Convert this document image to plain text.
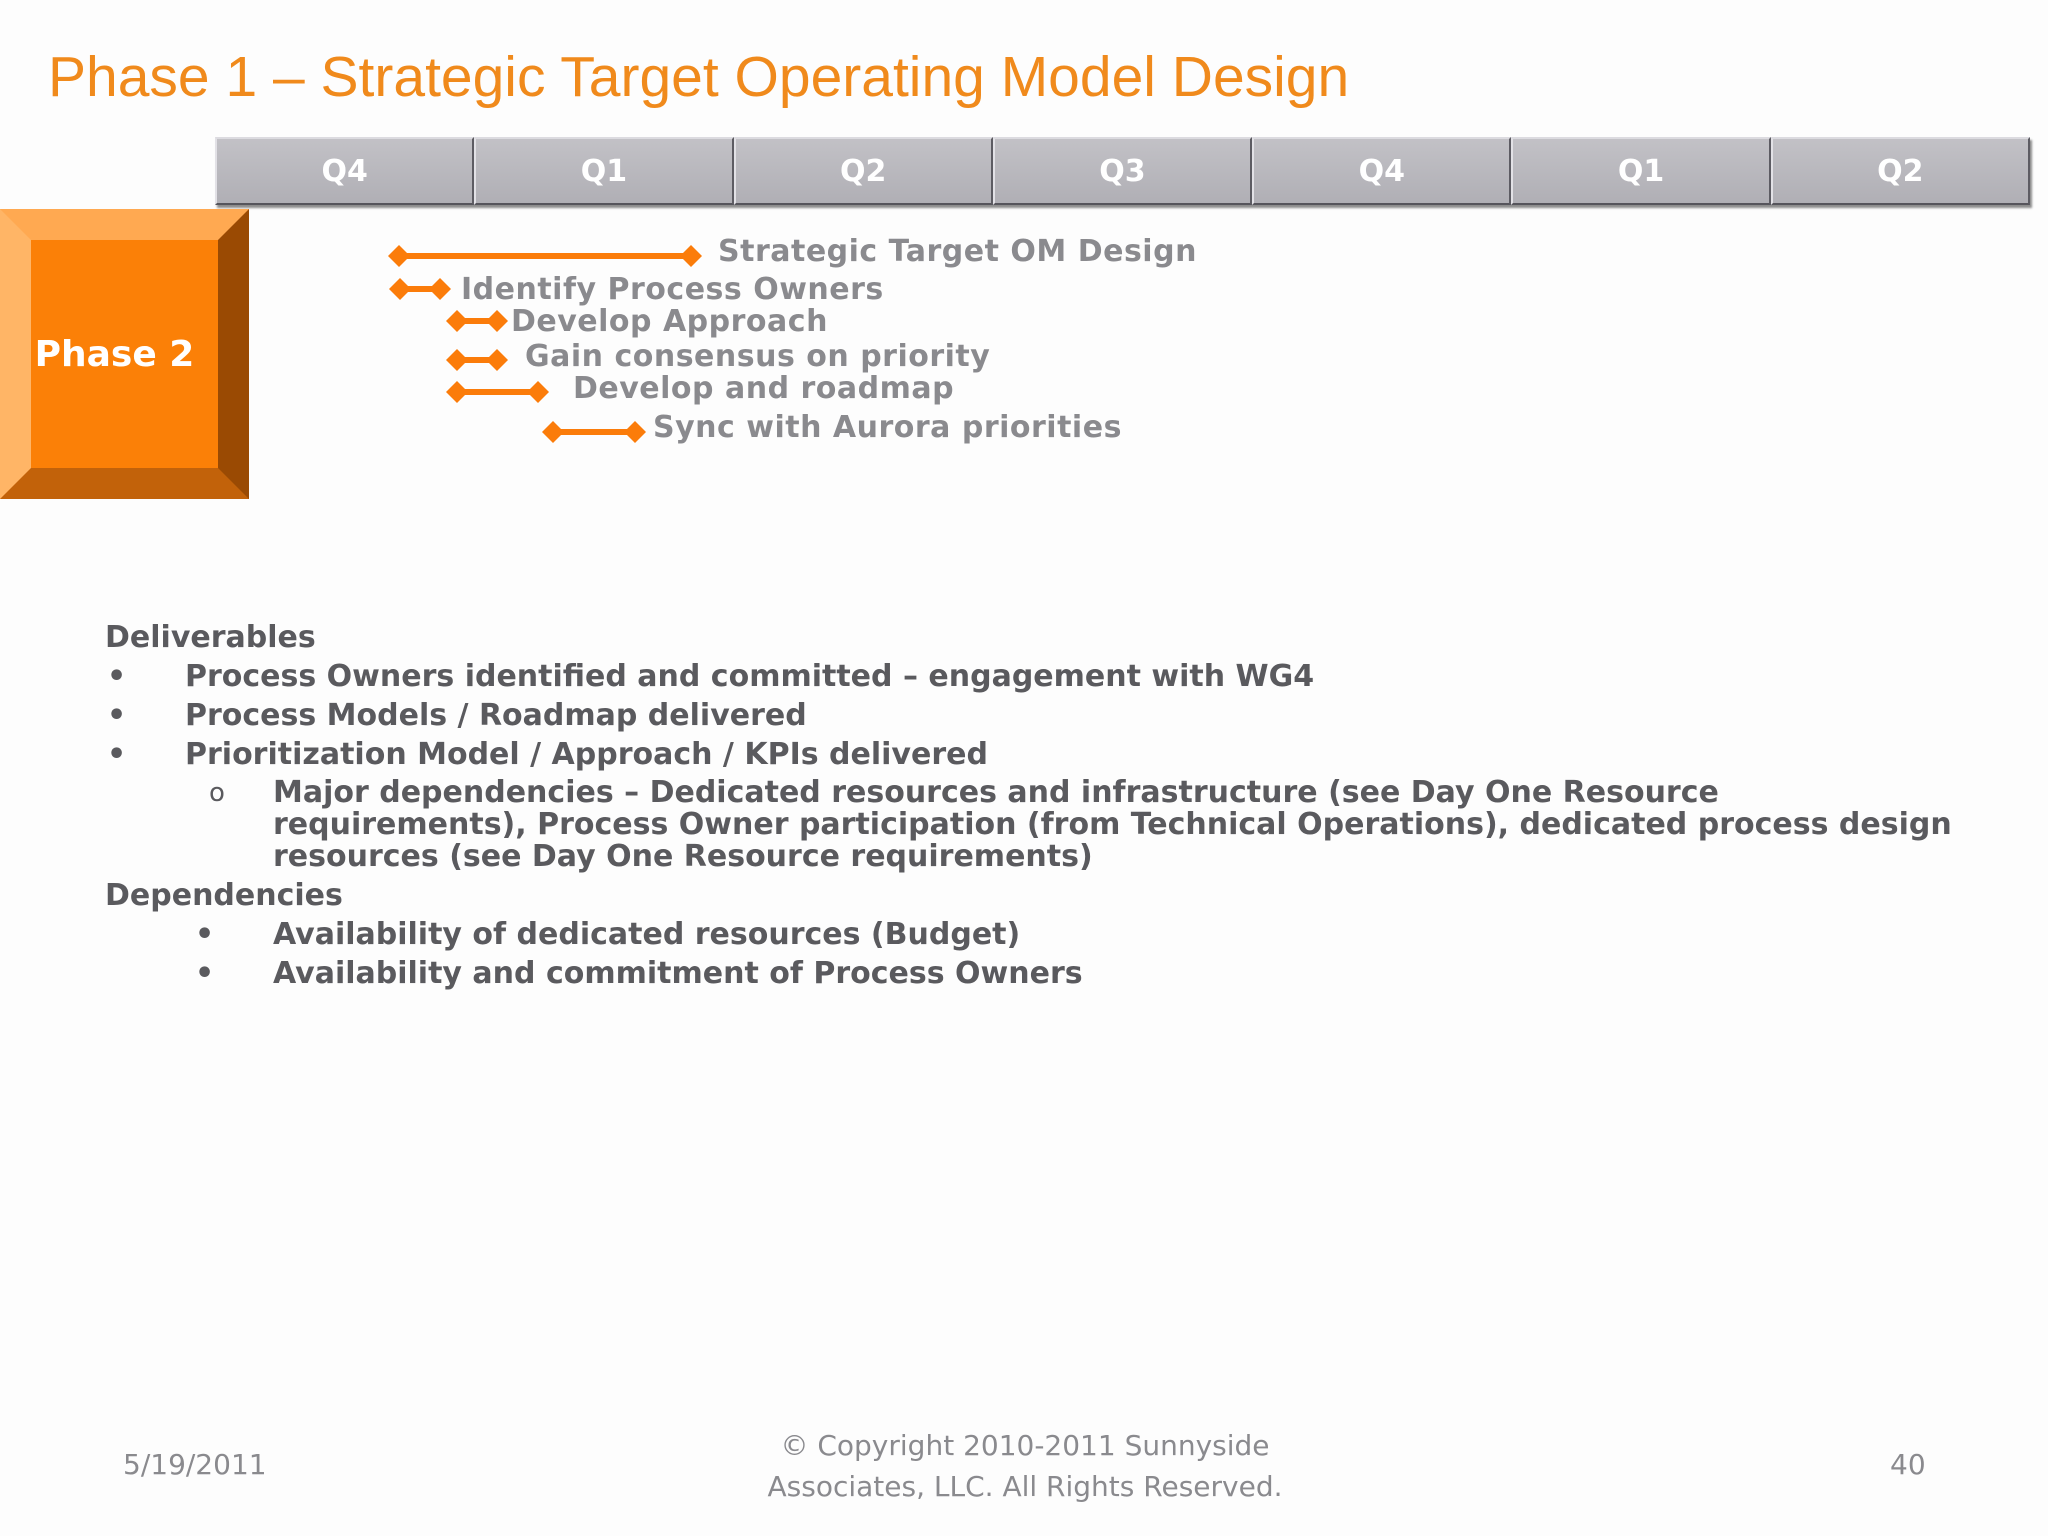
Phase 1 – Strategic Target Operating Model Design
Q4	Q1	Q2	Q3	Q4	Q1	Q2
Phase 2
Strategic Target OM Design
Identify Process Owners
Develop Approach
Gain consensus on priority
Develop and roadmap
Sync with Aurora priorities
Deliverables
•	Process Owners identified and committed – engagement with WG4
•	Process Models / Roadmap delivered
•	Prioritization Model / Approach / KPIs delivered
o	Major dependencies – Dedicated resources and infrastructure (see Day One Resource requirements), Process Owner participation (from Technical Operations), dedicated process design resources (see Day One Resource requirements)
Dependencies
•	Availability of dedicated resources (Budget)
•	Availability and commitment of Process Owners
5/19/2011
© Copyright 2010-2011 Sunnyside
Associates, LLC. All Rights Reserved.
40
